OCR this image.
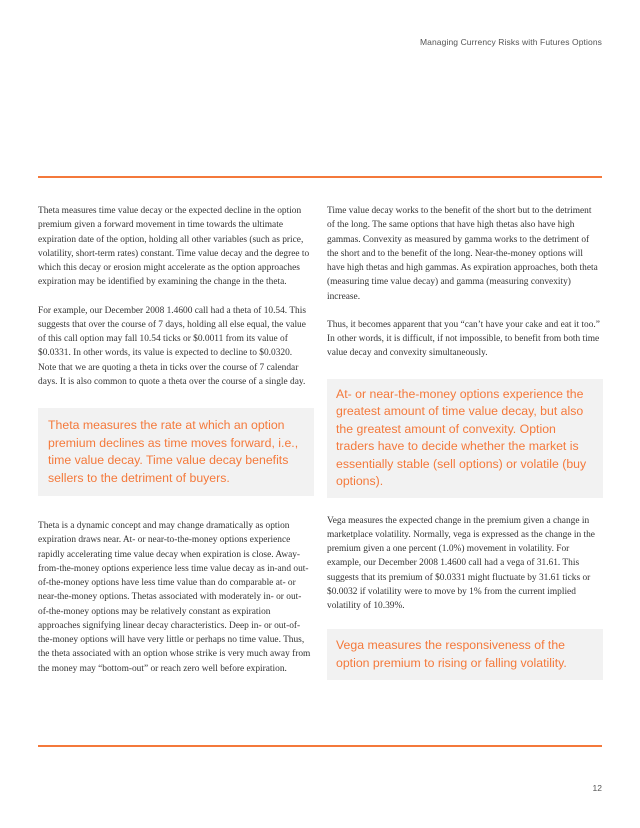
Managing Currency Risks with Futures Options

Theta measures time value decay or the expected decline in the option premium given a forward movement in time towards the ultimate expiration date of the option, holding all other variables (such as price, volatility, short-term rates) constant. Time value decay and the degree to which this decay or erosion might accelerate as the option approaches expiration may be identified by examining the change in the theta.

For example, our December 2008 1.4600 call had a theta of 10.54. This suggests that over the course of 7 days, holding all else equal, the value of this call option may fall 10.54 ticks or $0.0011 from its value of $0.0331. In other words, its value is expected to decline to $0.0320. Note that we are quoting a theta in ticks over the course of 7 calendar days. It is also common to quote a theta over the course of a single day.

Theta measures the rate at which an option premium declines as time moves forward, i.e., time value decay. Time value decay benefits sellers to the detriment of buyers.

Theta is a dynamic concept and may change dramatically as option expiration draws near. At- or near-to-the-money options experience rapidly accelerating time value decay when expiration is close. Away-from-the-money options experience less time value decay as in-and out-of-the-money options have less time value than do comparable at- or near-the-money options. Thetas associated with moderately in- or out-of-the-money options may be relatively constant as expiration approaches signifying linear decay characteristics. Deep in- or out-of-the-money options will have very little or perhaps no time value. Thus, the theta associated with an option whose strike is very much away from the money may “bottom-out” or reach zero well before expiration.

Time value decay works to the benefit of the short but to the detriment of the long. The same options that have high thetas also have high gammas. Convexity as measured by gamma works to the detriment of the short and to the benefit of the long. Near-the-money options will have high thetas and high gammas. As expiration approaches, both theta (measuring time value decay) and gamma (measuring convexity) increase.

Thus, it becomes apparent that you “can’t have your cake and eat it too.” In other words, it is difficult, if not impossible, to benefit from both time value decay and convexity simultaneously.

At- or near-the-money options experience the greatest amount of time value decay, but also the greatest amount of convexity. Option traders have to decide whether the market is essentially stable (sell options) or volatile (buy options).

Vega measures the expected change in the premium given a change in marketplace volatility. Normally, vega is expressed as the change in the premium given a one percent (1.0%) movement in volatility. For example, our December 2008 1.4600 call had a vega of 31.61. This suggests that its premium of $0.0331 might fluctuate by 31.61 ticks or $0.0032 if volatility were to move by 1% from the current implied volatility of 10.39%.

Vega measures the responsiveness of the option premium to rising or falling volatility.
12
